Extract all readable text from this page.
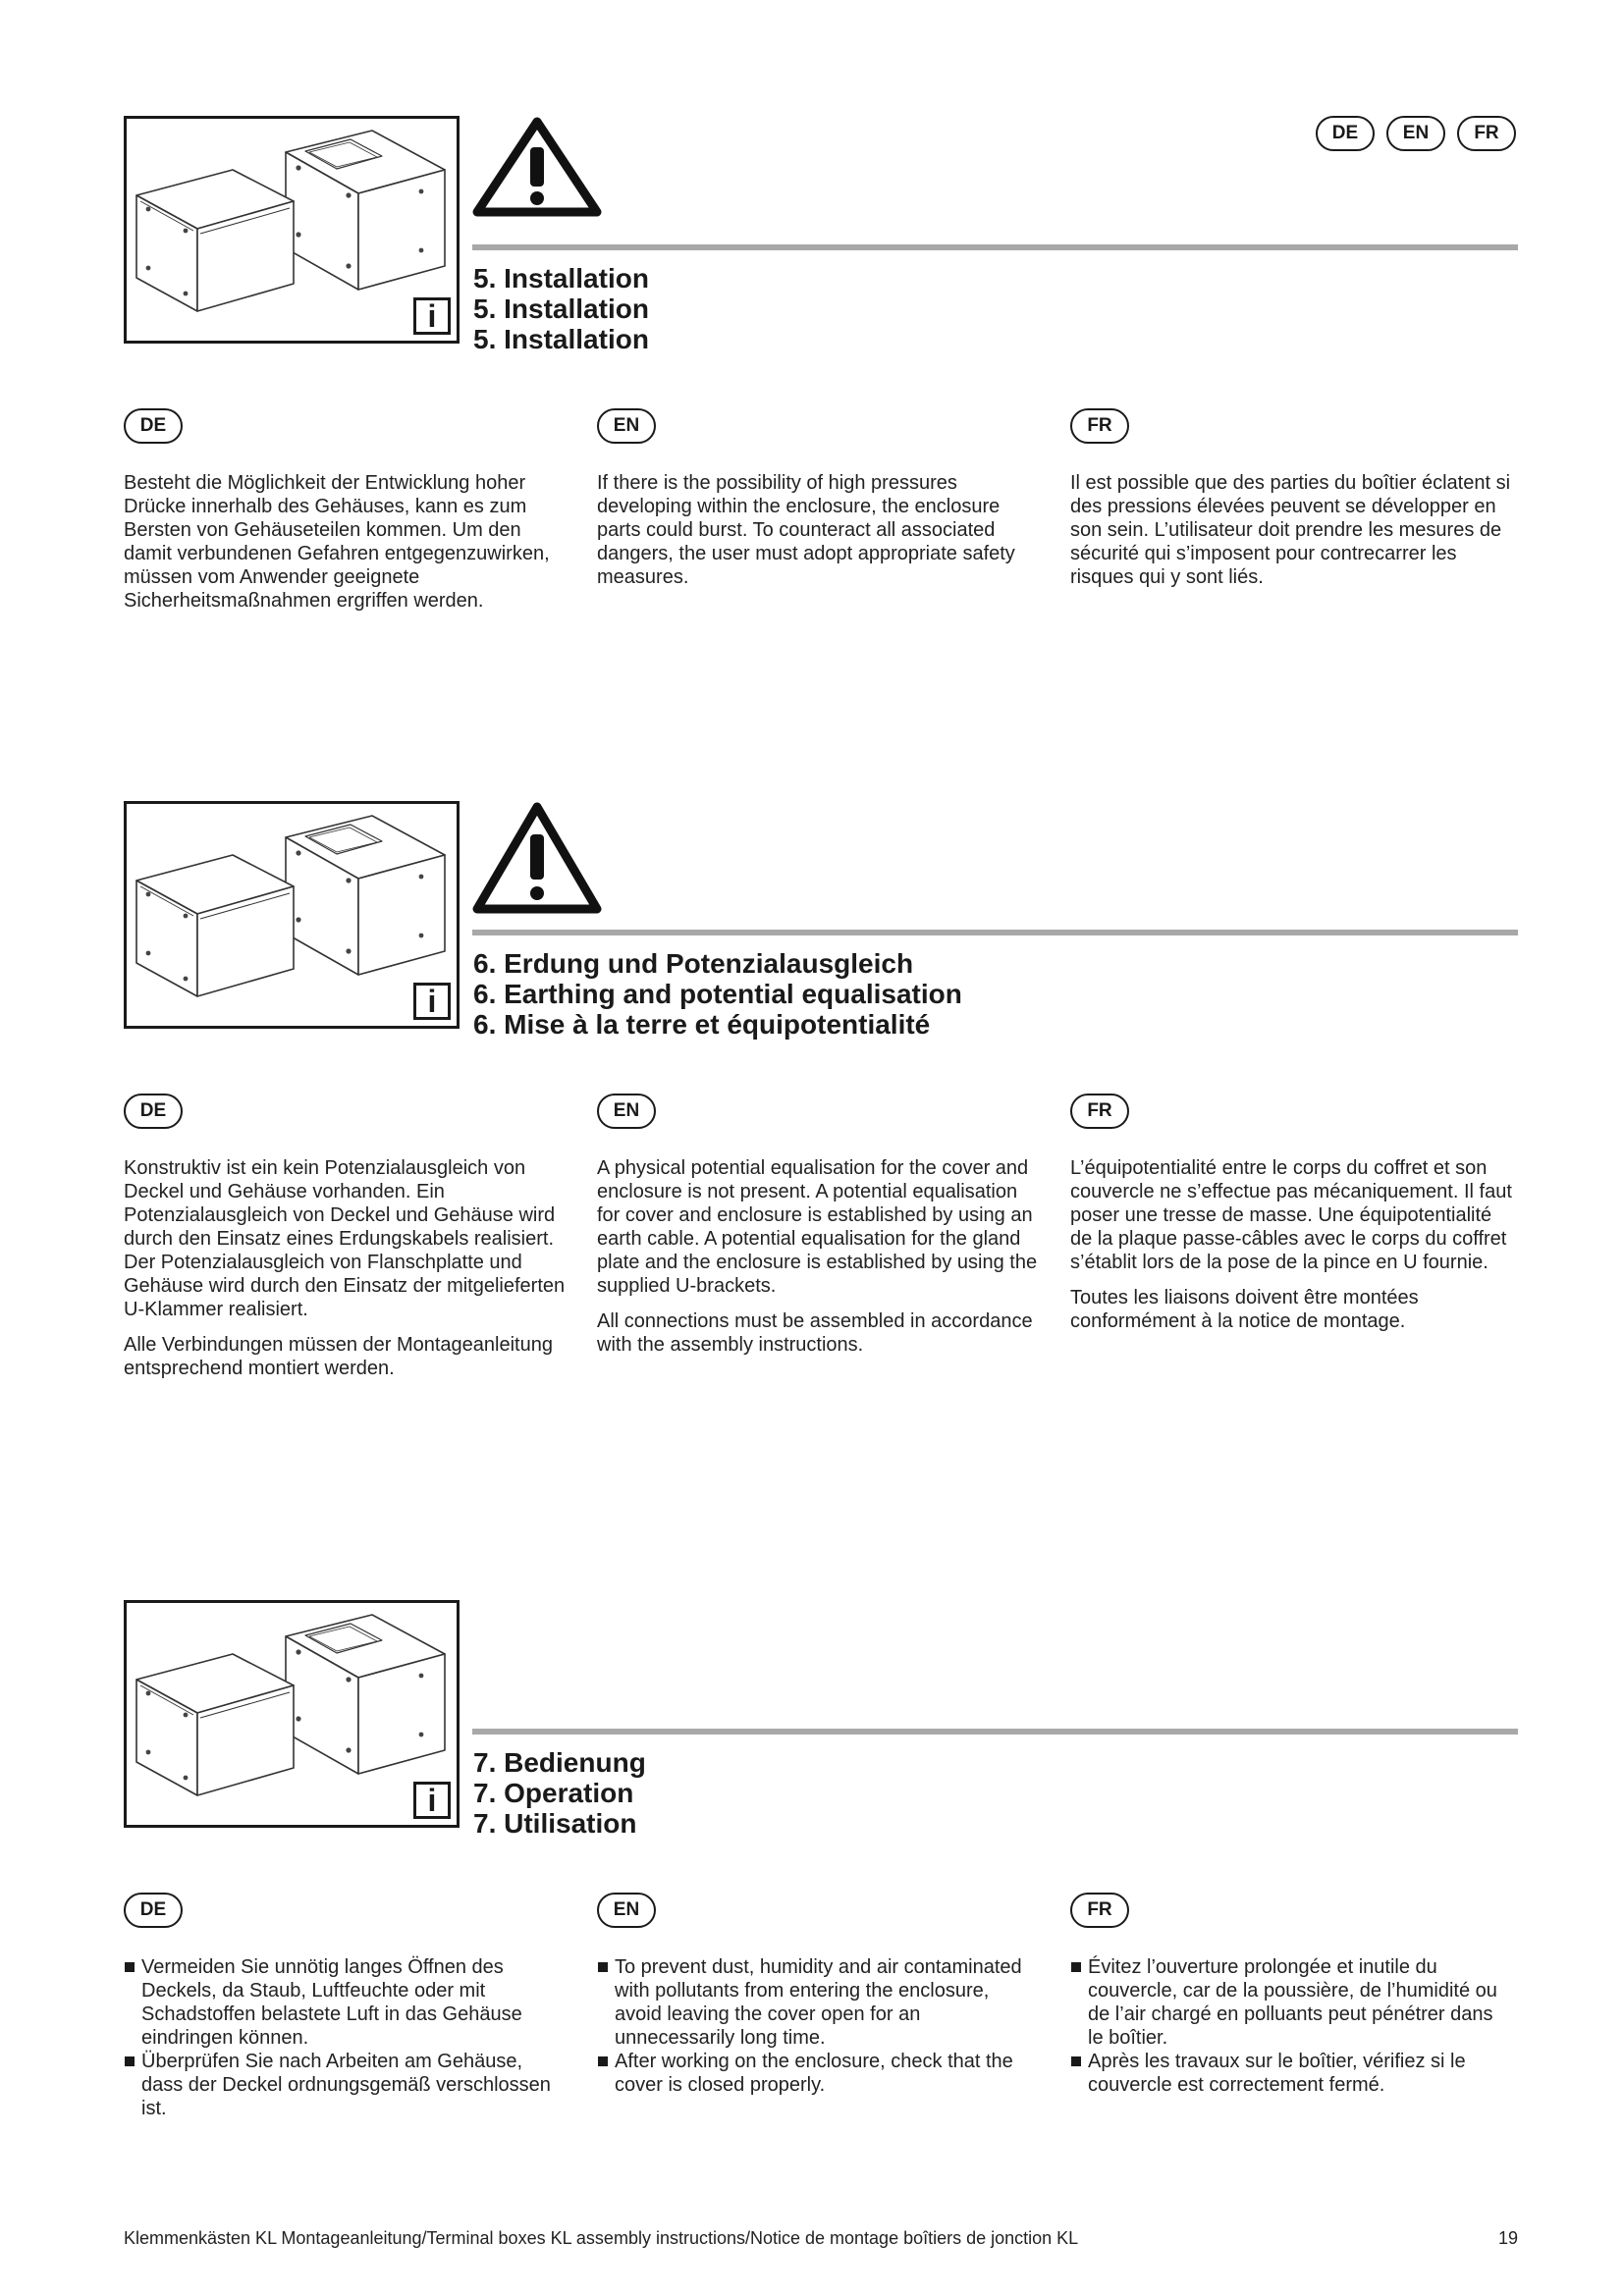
DE	EN	FR
i
5. Installation
5. Installation
5. Installation
DE

Besteht die Möglichkeit der Entwicklung hoher Drücke innerhalb des Gehäuses, kann es zum Bersten von Gehäuseteilen kommen. Um den damit verbundenen Gefahren entgegenzuwirken, müssen vom Anwender geeignete Sicherheitsmaßnahmen ergriffen werden.

EN

If there is the possibility of high pressures developing within the enclosure, the enclosure parts could burst. To counteract all associated dangers, the user must adopt appropriate safety measures.

FR

Il est possible que des parties du boîtier éclatent si des pressions élevées peuvent se développer en son sein. L’utilisateur doit prendre les mesures de sécurité qui s’imposent pour contrecarrer les risques qui y sont liés.

i
6. Erdung und Potenzialausgleich
6. Earthing and potential equalisation
6. Mise à la terre et équipotentialité
DE

Konstruktiv ist ein kein Potenzialausgleich von Deckel und Gehäuse vorhanden. Ein Potenzialausgleich von Deckel und Gehäuse wird durch den Einsatz eines Erdungskabels realisiert. Der Potenzialausgleich von Flanschplatte und Gehäuse wird durch den Einsatz der mitgelieferten U-Klammer realisiert.

Alle Verbindungen müssen der Montageanleitung entsprechend montiert werden.

EN

A physical potential equalisation for the cover and enclosure is not present. A potential equalisation for cover and enclosure is established by using an earth cable. A potential equalisation for the gland plate and the enclosure is established by using the supplied U-brackets.

All connections must be assembled in accordance with the assembly instructions.

FR

L’équipotentialité entre le corps du coffret et son couvercle ne s’effectue pas mécaniquement. Il faut poser une tresse de masse. Une équipotentialité de la plaque passe-câbles avec le corps du coffret s’établit lors de la pose de la pince en U fournie.

Toutes les liaisons doivent être montées conformément à la notice de montage.

i
7. Bedienung
7. Operation
7. Utilisation
DE
Vermeiden Sie unnötig langes Öffnen des Deckels, da Staub, Luftfeuchte oder mit Schadstoffen belastete Luft in das Gehäuse eindringen können.
Überprüfen Sie nach Arbeiten am Gehäuse, dass der Deckel ordnungsgemäß verschlossen ist.
EN
To prevent dust, humidity and air contaminated with pollutants from entering the enclosure, avoid leaving the cover open for an unnecessarily long time.
After working on the enclosure, check that the cover is closed properly.
FR
Évitez l’ouverture prolongée et inutile du couvercle, car de la poussière, de l’humidité ou de l’air chargé en polluants peut pénétrer dans le boîtier.
Après les travaux sur le boîtier, vérifiez si le couvercle est correctement fermé.
Klemmenkästen KL Montageanleitung/Terminal boxes KL assembly instructions/Notice de montage boîtiers de jonction KL	19
